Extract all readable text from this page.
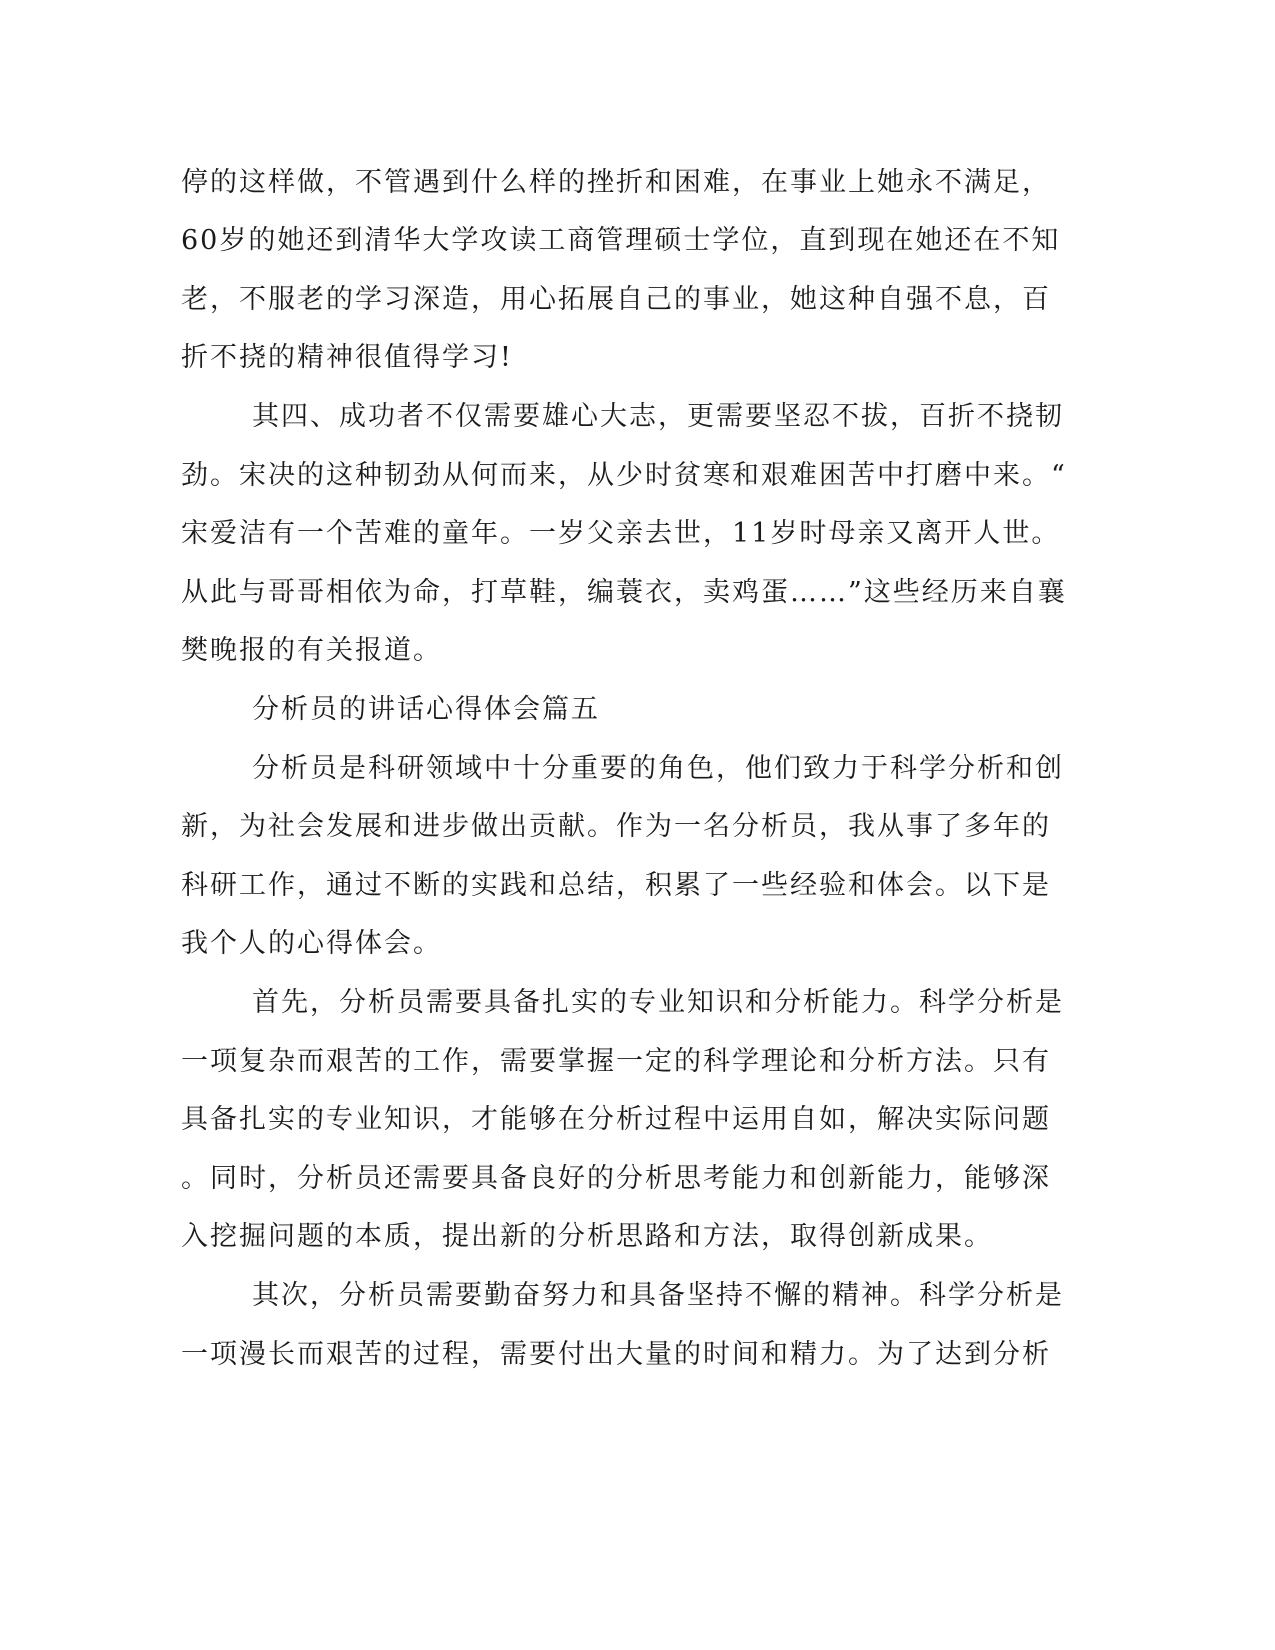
停的这样做，不管遇到什么样的挫折和困难，在事业上她永不满足，

60岁的她还到清华大学攻读工商管理硕士学位，直到现在她还在不知

老，不服老的学习深造，用心拓展自己的事业，她这种自强不息，百

折不挠的精神很值得学习!

其四、成功者不仅需要雄心大志，更需要坚忍不拔，百折不挠韧

劲。宋决的这种韧劲从何而来，从少时贫寒和艰难困苦中打磨中来。“

宋爱洁有一个苦难的童年。一岁父亲去世，11岁时母亲又离开人世。

从此与哥哥相依为命，打草鞋，编蓑衣，卖鸡蛋……”这些经历来自襄

樊晚报的有关报道。

分析员的讲话心得体会篇五

分析员是科研领域中十分重要的角色，他们致力于科学分析和创

新，为社会发展和进步做出贡献。作为一名分析员，我从事了多年的

科研工作，通过不断的实践和总结，积累了一些经验和体会。以下是

我个人的心得体会。

首先，分析员需要具备扎实的专业知识和分析能力。科学分析是

一项复杂而艰苦的工作，需要掌握一定的科学理论和分析方法。只有

具备扎实的专业知识，才能够在分析过程中运用自如，解决实际问题

。同时，分析员还需要具备良好的分析思考能力和创新能力，能够深

入挖掘问题的本质，提出新的分析思路和方法，取得创新成果。

其次，分析员需要勤奋努力和具备坚持不懈的精神。科学分析是

一项漫长而艰苦的过程，需要付出大量的时间和精力。为了达到分析
